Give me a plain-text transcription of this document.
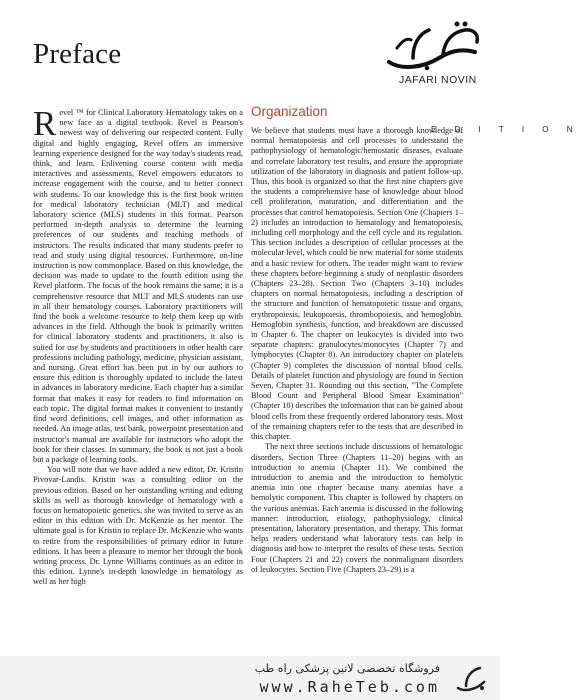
Preface

R evel ™ for Clinical Laboratory Hematology takes on a new face as a digital textbook. Revel is Pearson's newest way of delivering our respected content. Fully digital and highly engaging, Revel offers an immersive learning experience designed for the way today's students read, think, and learn. Enlivening course content with media interactives and assessments, Revel empowers educators to increase engagement with the course, and to better connect with students. To our knowledge this is the first book written for medical laboratory technician (MLT) and medical laboratory science (MLS) students in this format. Pearson performed in-depth analysis to determine the learning preferences of our students and teaching methods of instructors. The results indicated that many students prefer to read and study using digital resources. Furthermore, on-line instruction is now commonplace. Based on this knowledge, the decision was made to update to the fourth edition using the Revel platform. The focus of the book remains the same; it is a comprehensive resource that MLT and MLS students can use in all their hematology courses. Laboratory practitioners will find the book a welcome resource to help them keep up with advances in the field. Although the book is primarily written for clinical laboratory students and practitioners, it also is suited for use by students and practitioners in other health care professions including pathology, medicine, physician assistant, and nursing. Great effort has been put in by our authors to ensure this edition is thoroughly updated to include the latest in advances in laboratory medicine. Each chapter has a similar format that makes it easy for readers to find information on each topic. The digital format makes it convenient to instantly find word definitions, cell images, and other information as needed. An image atlas, test bank, powerpoint presentation and instructor's manual are available for instructors who adopt the book for their classes. In summary, the book is not just a book but a package of learning tools.

You will note that we have added a new editor, Dr. Kristin Pivovar-Landis. Kristin was a consulting editor on the previous edition. Based on her outstanding writing and editing skills as well as thorough knowledge of hematology with a focus on hematopoietic genetics, she was invited to serve as an editor in this edition with Dr. McKenzie as her mentor. The ultimate goal is for Kristin to replace Dr. McKenzie who wants to retire from the responsibilities of primary editor in future editions. It has been a pleasure to mentor her through the book writing process. Dr. Lynne Williams continues as an editor in this edition. Lynne's in-depth knowledge in hematology as well as her high

Organization

We believe that students must have a thorough knowledge of normal hematopoiesis and cell processes to understand the pathophysiology of hematologic/hemostatic diseases, evaluate and correlate laboratory test results, and ensure the appropriate utilization of the laboratory in diagnosis and patient follow-up. Thus, this book is organized so that the first nine chapters give the students a comprehensive base of knowledge about blood cell proliferation, maturation, and differentiation and the processes that control hematopoiesis. Section One (Chapters 1–2) includes an introduction to hematology and hematopoiesis, including cell morphology and the cell cycle and its regulation. This section includes a description of cellular processes at the molecular level, which could be new material for some students and a basic review for others. The reader might want to review these chapters before beginning a study of neoplastic disorders (Chapters 23–28). Section Two (Chapters 3–10) includes chapters on normal hematopoiesis, including a description of the structure and function of hematopoietic tissue and organs, erythropoiesis, leukopoiesis, thrombopoiesis, and hemoglobin. Hemoglobin synthesis, function, and breakdown are discussed in Chapter 6. The chapter on leukocytes is divided into two separate chapters: granulocytes/monocytes (Chapter 7) and lymphocytes (Chapter 8). An introductory chapter on platelets (Chapter 9) completes the discussion of normal blood cells. Details of platelet function and physiology are found in Section Seven, Chapter 31. Rounding out this section, "The Complete Blood Count and Peripheral Blood Smear Examination" (Chapter 10) describes the information that can be gained about blood cells from these frequently ordered laboratory tests. Most of the remaining chapters refer to the tests that are described in this chapter.

The next three sections include discussions of hematologic disorders. Section Three (Chapters 11–20) begins with an introduction to anemia (Chapter 11). We combined the introduction to anemia and the introduction to hemolytic anemia into one chapter because many anemias have a hemolytic component. This chapter is followed by chapters on the various anemias. Each anemia is discussed in the following manner: introduction, etiology, pathophysiology, clinical presentation, laboratory presentation, and therapy. This format helps readers understand what laboratory tests can help in diagnosis and how to interpret the results of these tests. Section Four (Chapters 21 and 22) covers the nonmalignant disorders of leukocytes. Section Five (Chapters 23–29) is a

JAFARI NOVIN
E D I T I O N
فروشگاه تخصصی لاتین پزشکی راه طب
www.RaheTeb.com
